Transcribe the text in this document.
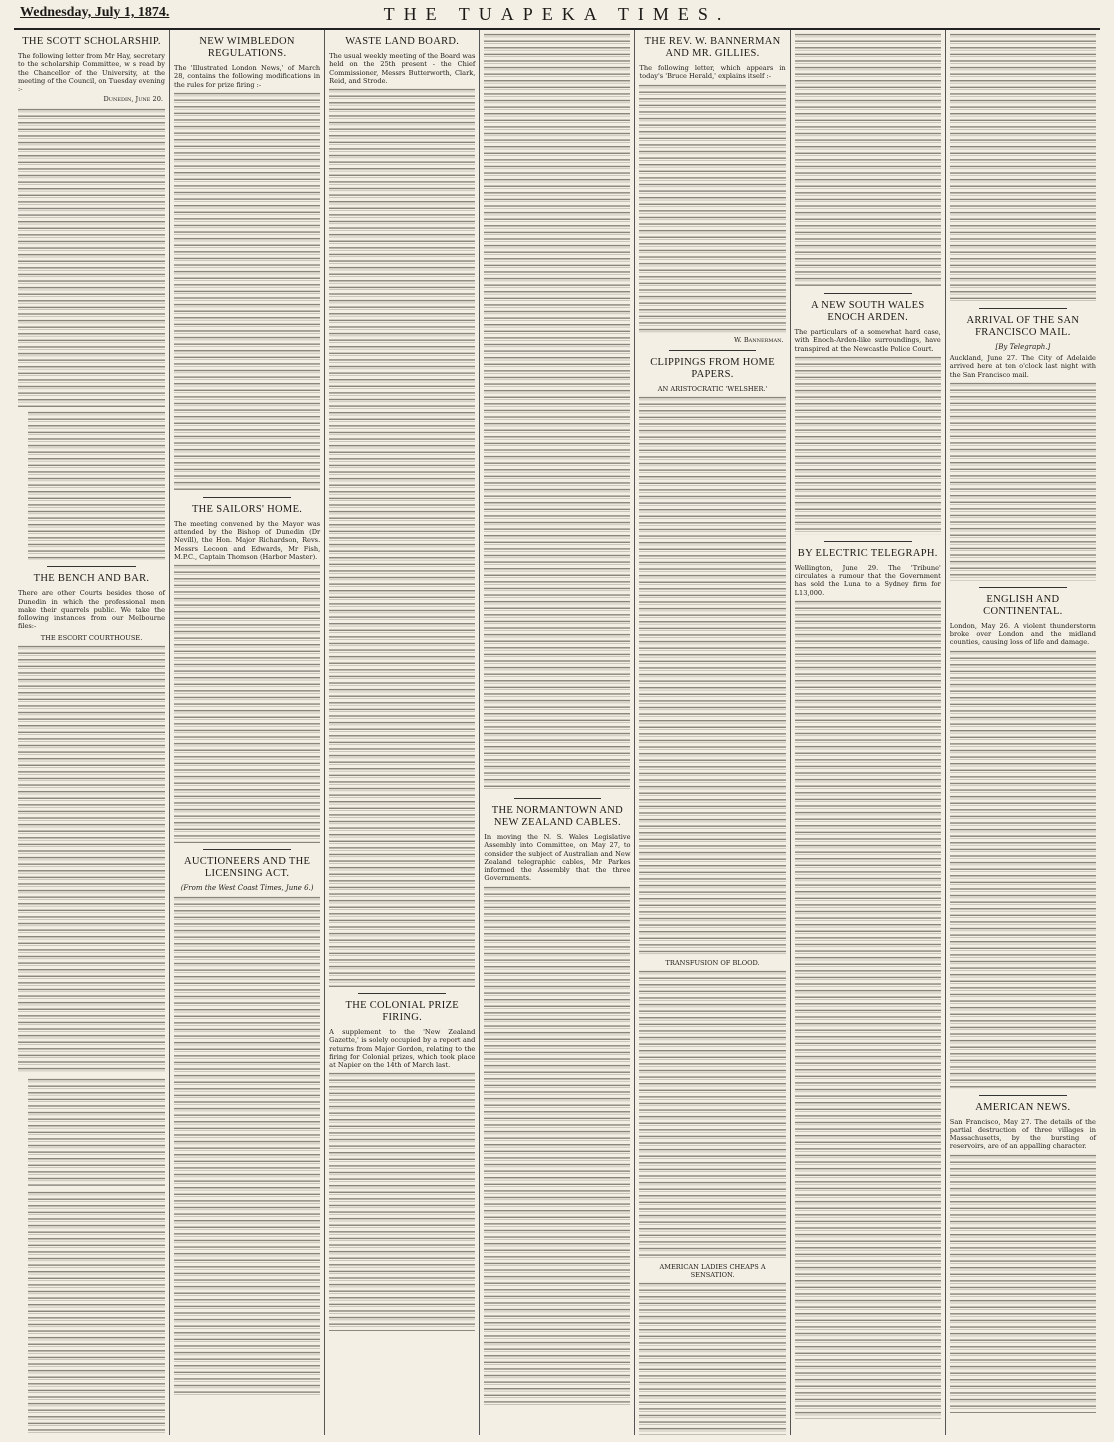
Wednesday, July 1, 1874.	THE TUAPEKA TIMES.
THE SCOTT SCHOLARSHIP.
The following letter from Mr Hay, secretary to the scholarship Committee, w s read by the Chancellor of the University, at the meeting of the Council, on Tuesday evening :-
Dunedin, June 20.
THE BENCH AND BAR.
There are other Courts besides those of Dunedin in which the professional men make their quarrels public. We take the following instances from our Melbourne files:-
THE ESCORT COURTHOUSE.
NEW WIMBLEDON REGULATIONS.
The 'Illustrated London News,' of March 28, contains the following modifications in the rules for prize firing :-
THE SAILORS' HOME.
The meeting convened by the Mayor was attended by the Bishop of Dunedin (Dr Nevill), the Hon. Major Richardson, Revs. Messrs Lecoon and Edwards, Mr Fish, M.P.C., Captain Thomson (Harbor Master).
AUCTIONEERS AND THE LICENSING ACT.
(From the West Coast Times, June 6.)
WASTE LAND BOARD.
The usual weekly meeting of the Board was held on the 25th present - the Chief Commissioner, Messrs Butterworth, Clark, Reid, and Strode.
THE COLONIAL PRIZE FIRING.
A supplement to the 'New Zealand Gazette,' is solely occupied by a report and returns from Major Gordon, relating to the firing for Colonial prizes, which took place at Napier on the 14th of March last.
THE NORMANTOWN AND NEW ZEALAND CABLES.
In moving the N. S. Wales Legislative Assembly into Committee, on May 27, to consider the subject of Australian and New Zealand telegraphic cables, Mr Parkes informed the Assembly that the three Governments.
THE REV. W. BANNERMAN AND MR. GILLIES.
The following letter, which appears in today's 'Bruce Herald,' explains itself :-
W. Bannerman.
CLIPPINGS FROM HOME PAPERS.
AN ARISTOCRATIC 'WELSHER.'
TRANSFUSION OF BLOOD.
AMERICAN LADIES CHEAPS A SENSATION.
A NEW SOUTH WALES ENOCH ARDEN.
The particulars of a somewhat hard case, with Enoch-Arden-like surroundings, have transpired at the Newcastle Police Court.
BY ELECTRIC TELEGRAPH.
Wellington, June 29. The 'Tribune' circulates a rumour that the Government has sold the Luna to a Sydney firm for L13,000.
ARRIVAL OF THE SAN FRANCISCO MAIL.
[By Telegraph.]
Auckland, June 27. The City of Adelaide arrived here at ten o'clock last night with the San Francisco mail.
ENGLISH AND CONTINENTAL.
London, May 26. A violent thunderstorm broke over London and the midland counties, causing loss of life and damage.
AMERICAN NEWS.
San Francisco, May 27. The details of the partial destruction of three villages in Massachusetts, by the bursting of reservoirs, are of an appalling character.
